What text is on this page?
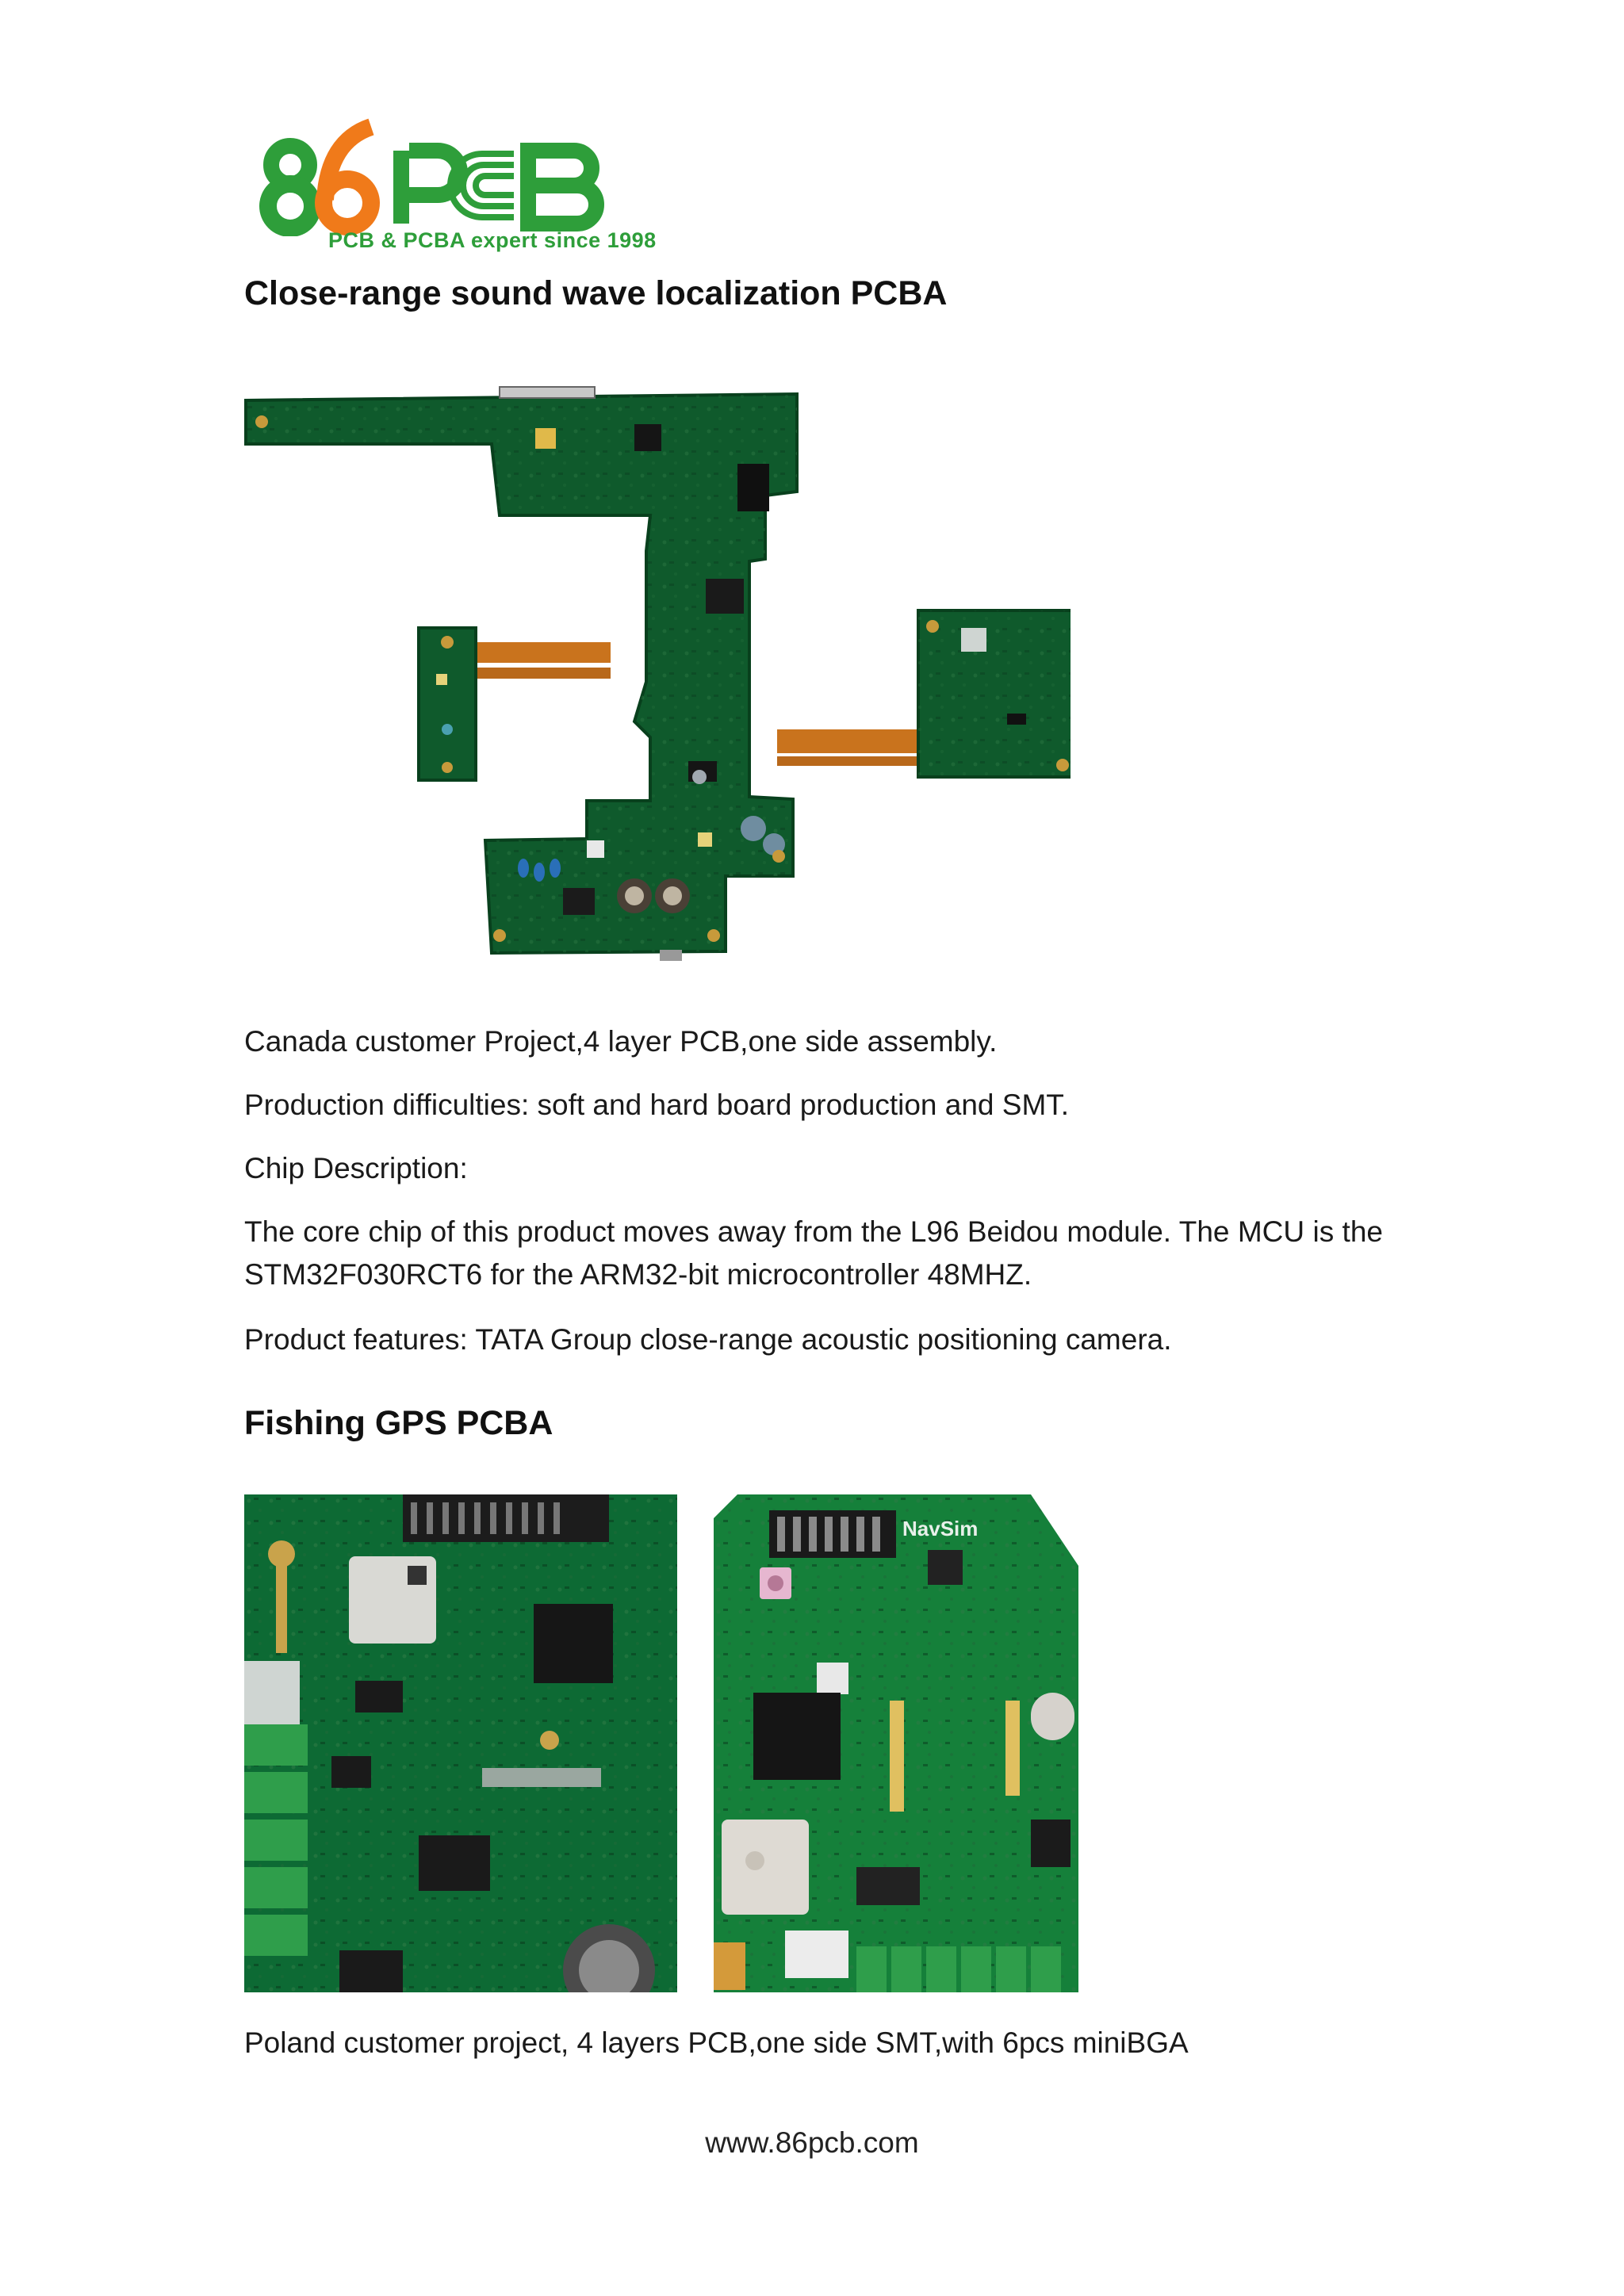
PCB & PCBA expert since 1998
Close-range sound wave localization PCBA

Canada customer Project,4 layer PCB,one side assembly.

Production difficulties: soft and hard board production and SMT.

Chip Description:

The core chip of this product moves away from the L96 Beidou module. The MCU is the STM32F030RCT6 for the ARM32-bit microcontroller 48MHZ.

Product features: TATA Group close-range acoustic positioning camera.

Fishing GPS PCBA
NavSim

Poland customer project, 4 layers PCB,one side SMT,with 6pcs miniBGA

www.86pcb.com
